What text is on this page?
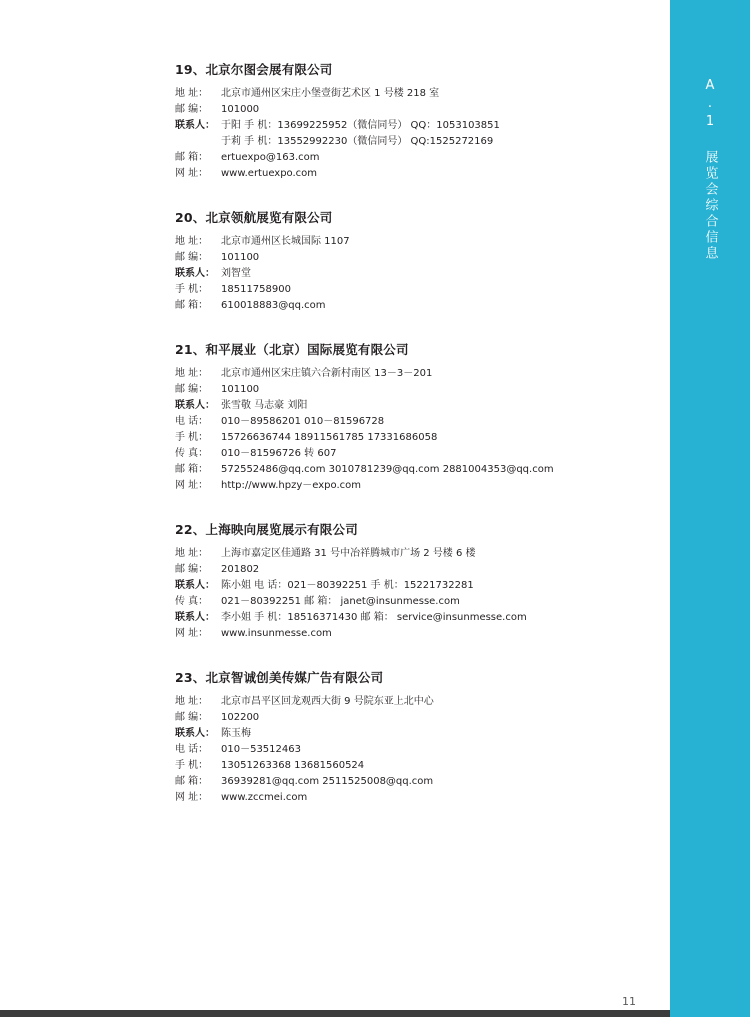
A.1 展览会综合信息
19、北京尔图会展有限公司
地 址： 北京市通州区宋庄小堡壹街艺术区 1 号楼 218 室
邮 编： 101000
联系人： 于阳 手 机：13699225952（微信同号） QQ：1053103851
于莉 手 机：13552992230（微信同号） QQ:1525272169
邮 箱： ertuexpo@163.com
网 址： www.ertuexpo.com
20、北京领航展览有限公司
地 址： 北京市通州区长城国际 1107
邮 编： 101100
联系人： 刘智堂
手 机： 18511758900
邮 箱： 610018883@qq.com
21、和平展业（北京）国际展览有限公司
地 址： 北京市通州区宋庄镇六合新村南区 13－3－201
邮 编： 101100
联系人： 张雪敬 马志豪 刘阳
电 话： 010－89586201 010－81596728
手 机： 15726636744 18911561785 17331686058
传 真： 010－81596726 转 607
邮 箱： 572552486@qq.com 3010781239@qq.com 2881004353@qq.com
网 址： http://www.hpzy－expo.com
22、上海映向展览展示有限公司
地 址： 上海市嘉定区佳通路 31 号中冶祥腾城市广场 2 号楼 6 楼
邮 编： 201802
联系人： 陈小姐 电 话：021－80392251 手 机：15221732281
传 真： 021－80392251 邮 箱： janet@insunmesse.com
联系人： 李小姐 手 机：18516371430 邮 箱： service@insunmesse.com
网 址： www.insunmesse.com
23、北京智诚创美传媒广告有限公司
地 址： 北京市昌平区回龙观西大街 9 号院东亚上北中心
邮 编： 102200
联系人： 陈玉梅
电 话： 010－53512463
手 机： 13051263368 13681560524
邮 箱： 36939281@qq.com 2511525008@qq.com
网 址： www.zccmei.com
11
